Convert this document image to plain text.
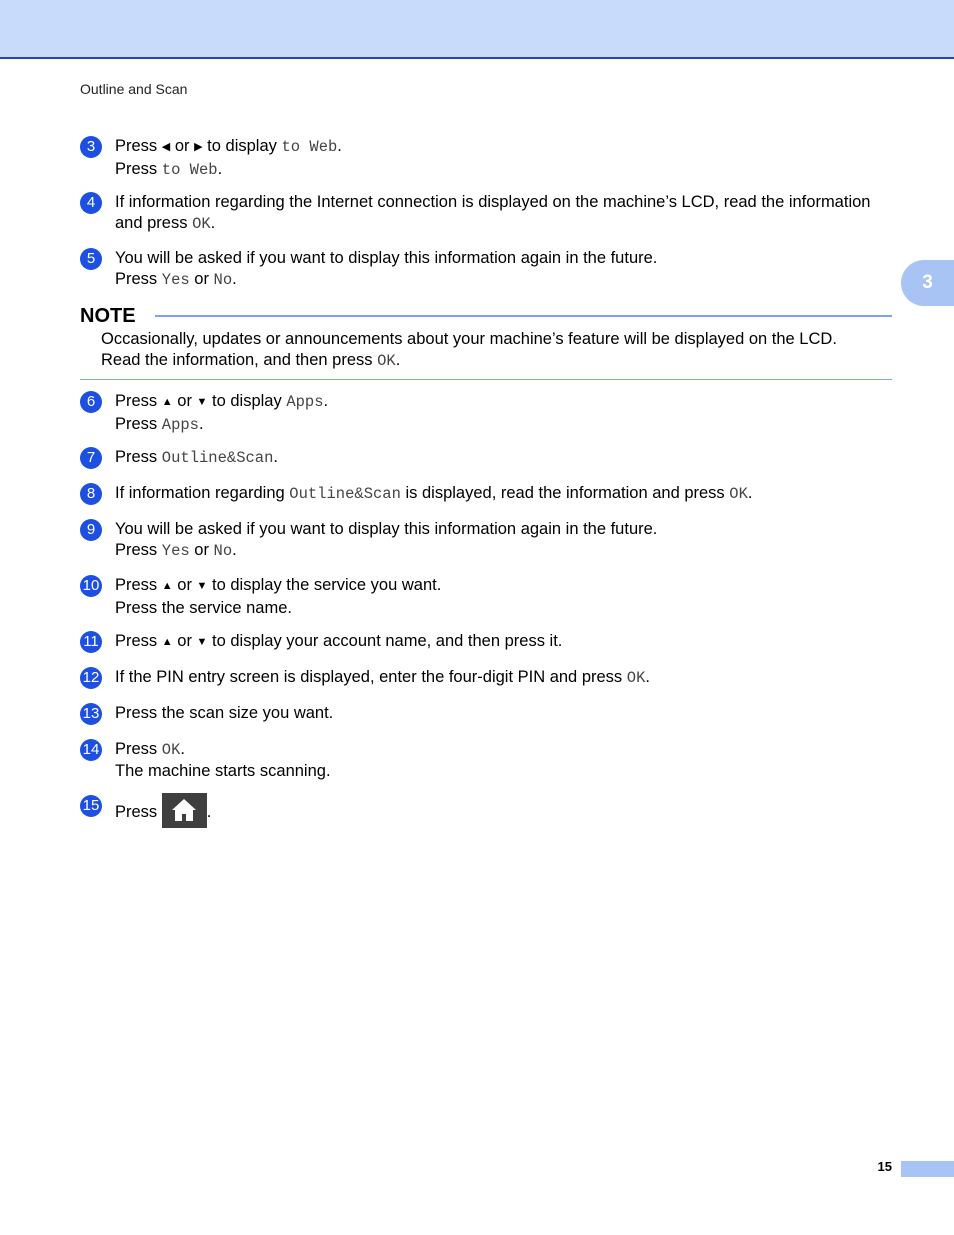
Outline and Scan
3
3	Press ◀ or ▶ to display to Web.
Press to Web.
4	If information regarding the Internet connection is displayed on the machine’s LCD, read the information
and press OK.
5	You will be asked if you want to display this information again in the future.
Press Yes or No.
NOTE
Occasionally, updates or announcements about your machine’s feature will be displayed on the LCD.
Read the information, and then press OK.
6	Press ▲ or ▼ to display Apps.
Press Apps.
7	Press Outline&Scan.
8	If information regarding Outline&Scan is displayed, read the information and press OK.
9	You will be asked if you want to display this information again in the future.
Press Yes or No.
10 Press ▲ or ▼ to display the service you want.
Press the service name.
11 Press ▲ or ▼ to display your account name, and then press it.
12 If the PIN entry screen is displayed, enter the four-digit PIN and press OK.
13 Press the scan size you want.
14 Press OK.
The machine starts scanning.
15 Press	.
15
